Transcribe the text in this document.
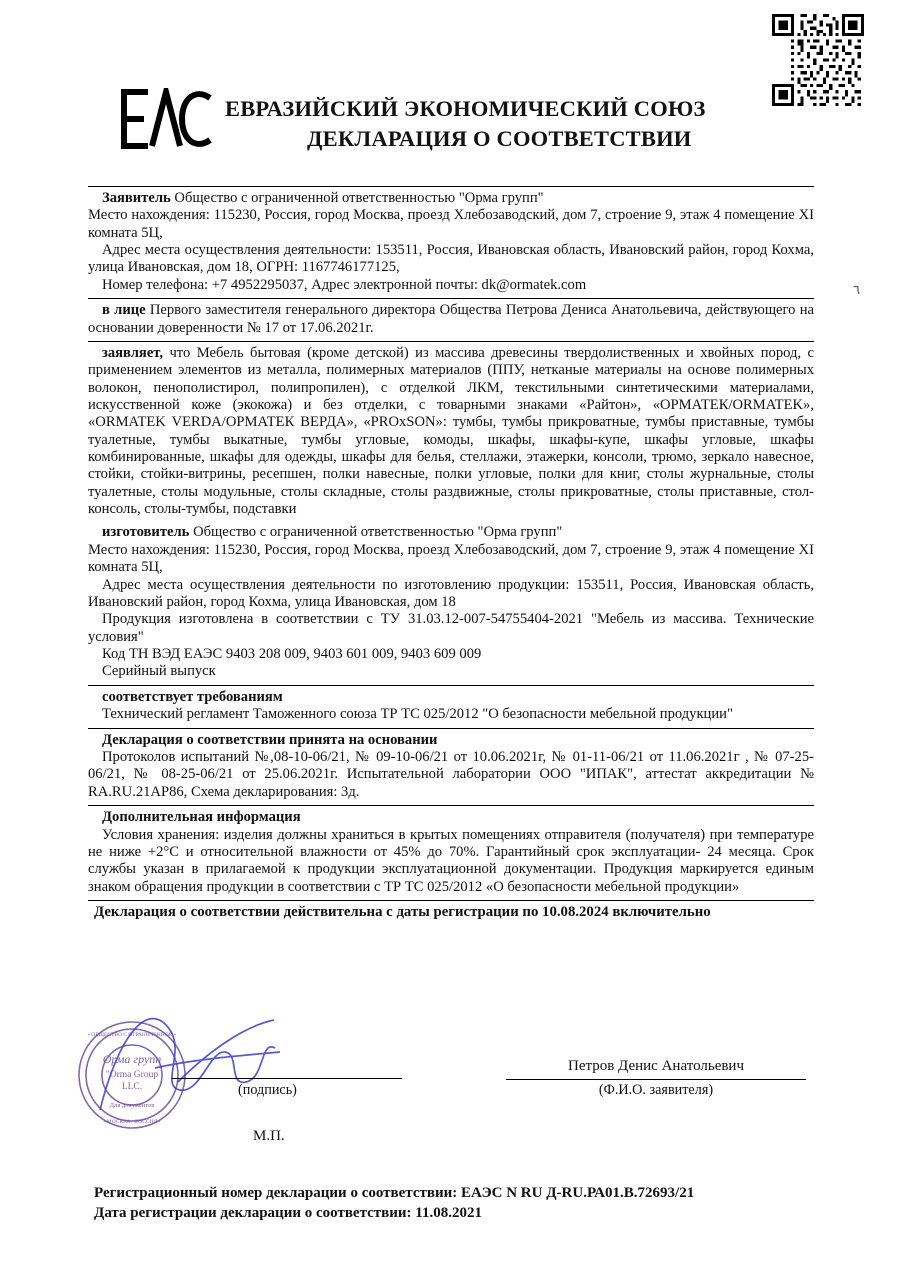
ЕВРАЗИЙСКИЙ ЭКОНОМИЧЕСКИЙ СОЮЗ
ДЕКЛАРАЦИЯ О СООТВЕТСТВИИ
٦

Заявитель Общество с ограниченной ответственностью "Орма групп"

Место нахождения: 115230, Россия, город Москва, проезд Хлебозаводский, дом 7, строение 9, этаж 4 помещение XI комната 5Ц,

Адрес места осуществления деятельности: 153511, Россия, Ивановская область, Ивановский район, город Кохма, улица Ивановская, дом 18, ОГРН: 1167746177125,

Номер телефона: +7 4952295037, Адрес электронной почты: dk@ormatek.com

в лице Первого заместителя генерального директора Общества Петрова Дениса Анатольевича, действующего на основании доверенности № 17 от 17.06.2021г.

заявляет, что Мебель бытовая (кроме детской) из массива древесины твердолиственных и хвойных пород, с применением элементов из металла, полимерных материалов (ППУ, нетканые материалы на основе полимерных волокон, пенополистирол, полипропилен), с отделкой ЛКМ, текстильными синтетическими материалами, искусственной коже (экокожа) и без отделки, с товарными знаками «Райтон», «ОРМАТЕК/ORMATEK», «ORMATEK VERDA/ОРМАТЕК ВЕРДА», «PROxSON»: тумбы, тумбы прикроватные, тумбы приставные, тумбы туалетные, тумбы выкатные, тумбы угловые, комоды, шкафы, шкафы-купе, шкафы угловые, шкафы комбинированные, шкафы для одежды, шкафы для белья, стеллажи, этажерки, консоли, трюмо, зеркало навесное, стойки, стойки-витрины, ресепшен, полки навесные, полки угловые, полки для книг, столы журнальные, столы туалетные, столы модульные, столы складные, столы раздвижные, столы прикроватные, столы приставные, стол-консоль, столы-тумбы, подставки

изготовитель Общество с ограниченной ответственностью "Орма групп"

Место нахождения: 115230, Россия, город Москва, проезд Хлебозаводский, дом 7, строение 9, этаж 4 помещение XI комната 5Ц,

Адрес места осуществления деятельности по изготовлению продукции: 153511, Россия, Ивановская область, Ивановский район, город Кохма, улица Ивановская, дом 18

Продукция изготовлена в соответствии с ТУ 31.03.12-007-54755404-2021 "Мебель из массива. Технические условия"

Код ТН ВЭД ЕАЭС 9403 208 009, 9403 601 009, 9403 609 009

Серийный выпуск

соответствует требованиям

Технический регламент Таможенного союза ТР ТС 025/2012 "О безопасности мебельной продукции"

Декларация о соответствии принята на основании

Протоколов испытаний №,08-10-06/21, № 09-10-06/21 от 10.06.2021г, № 01-11-06/21 от 11.06.2021г , № 07-25-06/21, № 08-25-06/21 от 25.06.2021г. Испытательной лаборатории ООО "ИПАК", аттестат аккредитации № RA.RU.21АР86, Схема декларирования: 3д.

Дополнительная информация

Условия хранения: изделия должны храниться в крытых помещениях отправителя (получателя) при температуре не ниже +2°С и относительной влажности от 45% до 70%. Гарантийный срок эксплуатации- 24 месяца. Срок службы указан в прилагаемой к продукции эксплуатационной документации. Продукция маркируется единым знаком обращения продукции в соответствии с ТР ТС 025/2012 «О безопасности мебельной продукции»

Декларация о соответствии действительна с даты регистрации по 10.08.2024 включительно

Орма групп
"Orma Group
LLC.
Для документов
• ОБЩЕСТВО С ОГРАНИЧЕННОЙ •
• МОСКВА • РОССИЯ •
(подпись)
М.П.
Петров Денис Анатольевич
(Ф.И.О. заявителя)

Регистрационный номер декларации о соответствии: ЕАЭС N RU Д-RU.РА01.В.72693/21

Дата регистрации декларации о соответствии: 11.08.2021
